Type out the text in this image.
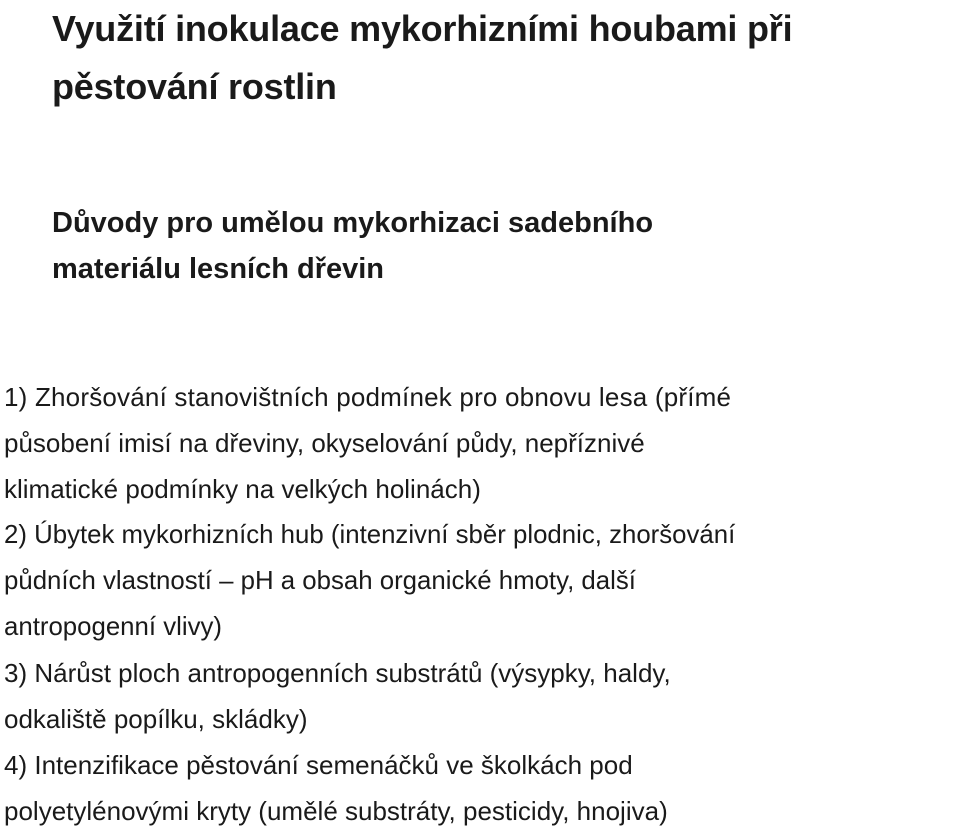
Využití inokulace mykorhizními houbami při
pěstování rostlin
Důvody pro umělou mykorhizaci sadebního
materiálu lesních dřevin
1) Zhoršování stanovištních podmínek pro obnovu lesa (přímé
působení imisí na dřeviny, okyselování půdy, nepříznivé
klimatické podmínky na velkých holinách)
2) Úbytek mykorhizních hub (intenzivní sběr plodnic, zhoršování
půdních vlastností – pH a obsah organické hmoty, další
antropogenní vlivy)
3) Nárůst ploch antropogenních substrátů (výsypky, haldy,
odkaliště popílku, skládky)
4) Intenzifikace pěstování semenáčků ve školkách pod
polyetylénovými kryty (umělé substráty, pesticidy, hnojiva)
